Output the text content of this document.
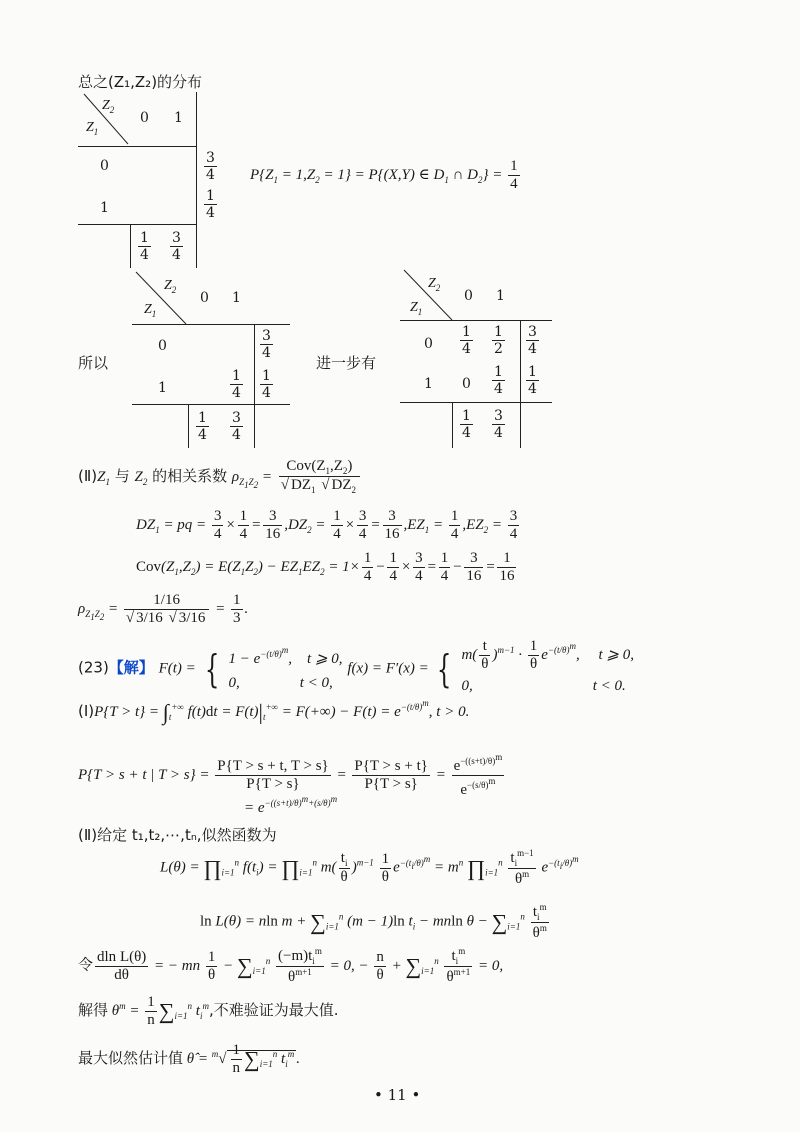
总之(Z₁,Z₂)的分布
$Z_2$
$Z_1$
0 1
0
1
$\frac{3}{4}$
$\frac{1}{4}$
$\frac{1}{4} \frac{3}{4}$
$P\{Z_1 = 1,Z_2 = 1\} = P\{(X,Y)$ ∈ $D_1$ ∩ $D_2\} = \frac{1}{4}$
所以
$Z_2$
$Z_1$
0 1
0
1
$\frac{3}{4}$
$\frac{1}{4} \frac{1}{4}$
$\frac{1}{4} \frac{3}{4}$
进一步有
$Z_2$
$Z_1$
0 1
0
1
$\frac{1}{4} \frac{1}{2} \frac{3}{4}$
$0 \frac{1}{4} \frac{1}{4}$
$\frac{1}{4} \frac{3}{4}$
$(Ⅱ)Z_1$ 与 $Z_2$ 的相关系数 $\rho_{Z_1Z_2} = \frac{Cov(Z_1,Z_2)}{√ DZ_1 √ DZ_2}$
$DZ_1$ = pq = $\frac{3}{4} \times \frac{1}{4} = \frac{3}{16} ,DZ_2 = \frac{1}{4} \times \frac{3}{4} = \frac{3}{16} ,EZ_1 = \frac{1}{4} ,EZ_2 = \frac{3}{4}$
$Cov(Z_1,Z_2) = E(Z_1Z_2) - EZ_1EZ_2 = 1\times \frac{1}{4} - \frac{1}{4} \times \frac{3}{4} = \frac{1}{4} - \frac{3}{16} = \frac{1}{16}$
$\rho_{Z_1Z_2} = \frac{1/16}{√ 3/16 √ 3/16} = \frac{1}{3}$ .
(23)【解】 F(t) = { $1 - e^{-(t/\theta)^m}$,    t ⩾ 0,
0,                t < 0, f(x) = F′(x) = { $m( \frac{t}{\theta} )^{m-1} \cdot \frac{1}{\theta} e^{-(t/\theta)^m}$,     t ⩾ 0,
0,                                t < 0.
(Ⅰ)P{T > $t\} = \int_t^{+\infty}$ $f(t)dt = F(t)|_t^{+\infty} = F(+\infty) - F(t) = e^{-(t/\theta)^m}$, t > 0.
P{T > s + t | $T > s\} = \frac{P\{T > s + t, T > s\}}{P\{T > s\}} = \frac{P\{T > s + t\}}{P\{T > s\}} = \frac{e^{-((s+t)/\theta)^m}}{e^{-(s/\theta)^m}}$
= $e^{-((s+t)/\theta)^m+(s/\theta)^m}$
(Ⅱ)给定 t₁,t₂,⋯,tₙ,似然函数为
$L(\theta) = \prod_{i=1}^n$ $f(t_i)$ = $\prod_{i=1}^n$ $m( \frac{t_i}{\theta} )^{m-1} \frac{1}{\theta} e^{-(t_i/\theta)^m} = m^n$ $\prod_{i=1}^n \frac{t_i^{m-1}}{\theta^m} e^{-(t_i/\theta)^m}$
ln L(θ) = nln $m + \sum_{i=1}^n$ (m − 1)ln $t_i - mnln$ $\theta - \sum_{i=1}^n \frac{t_i^m}{\theta^m}$
令 $\frac{\text{dln L(θ)}}{d\theta}$ = − mn $\frac{1}{\theta} - \sum_{i=1}^n \frac{(-m)t_i^m}{\theta^{m+1}} = 0$, − $\frac{n}{\theta} + \sum_{i=1}^n \frac{t_i^m}{\theta^{m+1}} = 0$,
解得 $\theta^m = \frac{1}{n} \sum_{i=1}^n$ $t_i^m$,不难验证为最大值.
最大似然估计值 θ̂ = $^m√ \frac{1}{n} \sum_{i=1}^n$ $t_i^m$ .
• 11 •
